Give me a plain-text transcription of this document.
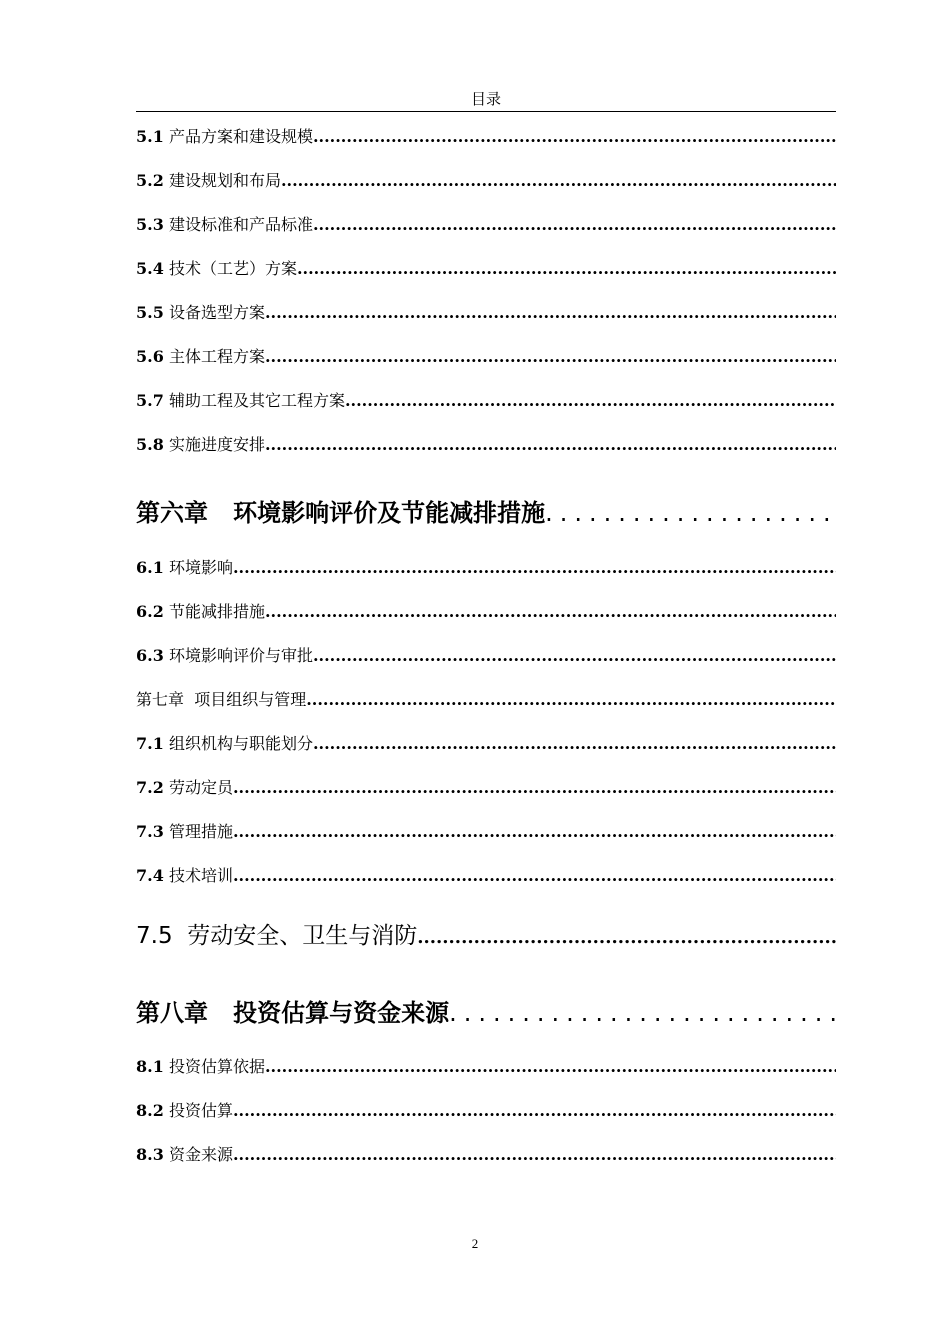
目录
5.1 产品方案和建设规模
.....
5.2 建设规划和布局
.....
5.3 建设标准和产品标准
.....
5.4 技术（工艺）方案
.....
5.5 设备选型方案
.....
5.6 主体工程方案
.....
5.7 辅助工程及其它工程方案
.....
5.8 实施进度安排
.....
第六章 环境影响评价及节能减排措施
.....
6.1 环境影响
.....
6.2 节能减排措施
.....
6.3 环境影响评价与审批
.....
第七章 项目组织与管理
.....
7.1 组织机构与职能划分
.....
7.2 劳动定员
.....
7.3 管理措施
.....
7.4 技术培训
.....
7.5 劳动安全、卫生与消防
.....
第八章 投资估算与资金来源
.....
8.1 投资估算依据
.....
8.2 投资估算
.....
8.3 资金来源
.....
2
